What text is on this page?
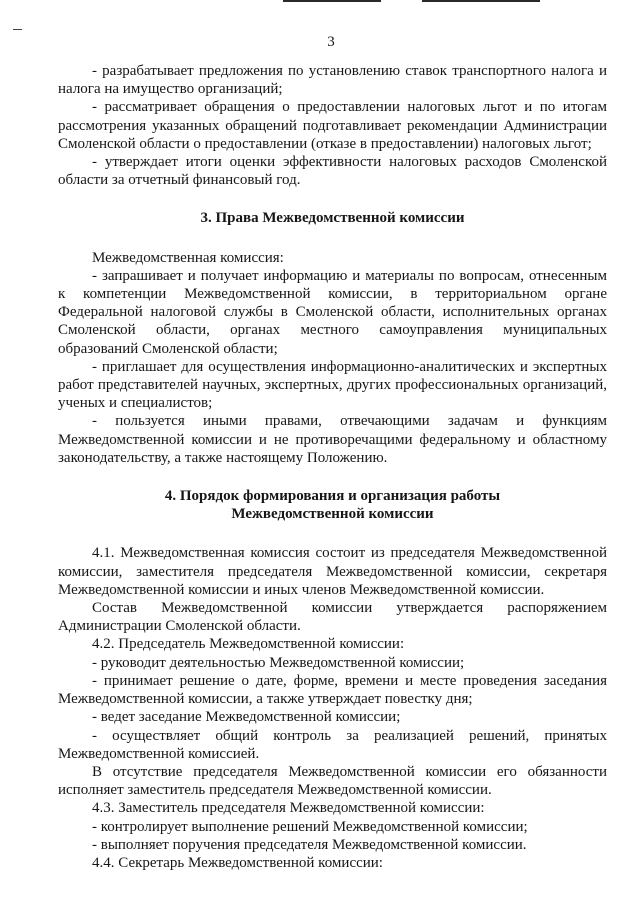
3
- разрабатывает предложения по установлению ставок транспортного налога и налога на имущество организаций;
- рассматривает обращения о предоставлении налоговых льгот и по итогам рассмотрения указанных обращений подготавливает рекомендации Администрации Смоленской области о предоставлении (отказе в предоставлении) налоговых льгот;
- утверждает итоги оценки эффективности налоговых расходов Смоленской области за отчетный финансовый год.
3. Права Межведомственной комиссии
Межведомственная комиссия:
- запрашивает и получает информацию и материалы по вопросам, отнесенным к компетенции Межведомственной комиссии, в территориальном органе Федеральной налоговой службы в Смоленской области, исполнительных органах Смоленской области, органах местного самоуправления муниципальных образований Смоленской области;
- приглашает для осуществления информационно-аналитических и экспертных работ представителей научных, экспертных, других профессиональных организаций, ученых и специалистов;
- пользуется иными правами, отвечающими задачам и функциям Межведомственной комиссии и не противоречащими федеральному и областному законодательству, а также настоящему Положению.
4. Порядок формирования и организация работы
Межведомственной комиссии
4.1. Межведомственная комиссия состоит из председателя Межведомственной комиссии, заместителя председателя Межведомственной комиссии, секретаря Межведомственной комиссии и иных членов Межведомственной комиссии.
Состав Межведомственной комиссии утверждается распоряжением Администрации Смоленской области.
4.2. Председатель Межведомственной комиссии:
- руководит деятельностью Межведомственной комиссии;
- принимает решение о дате, форме, времени и месте проведения заседания Межведомственной комиссии, а также утверждает повестку дня;
- ведет заседание Межведомственной комиссии;
- осуществляет общий контроль за реализацией решений, принятых Межведомственной комиссией.
В отсутствие председателя Межведомственной комиссии его обязанности исполняет заместитель председателя Межведомственной комиссии.
4.3. Заместитель председателя Межведомственной комиссии:
- контролирует выполнение решений Межведомственной комиссии;
- выполняет поручения председателя Межведомственной комиссии.
4.4. Секретарь Межведомственной комиссии:
